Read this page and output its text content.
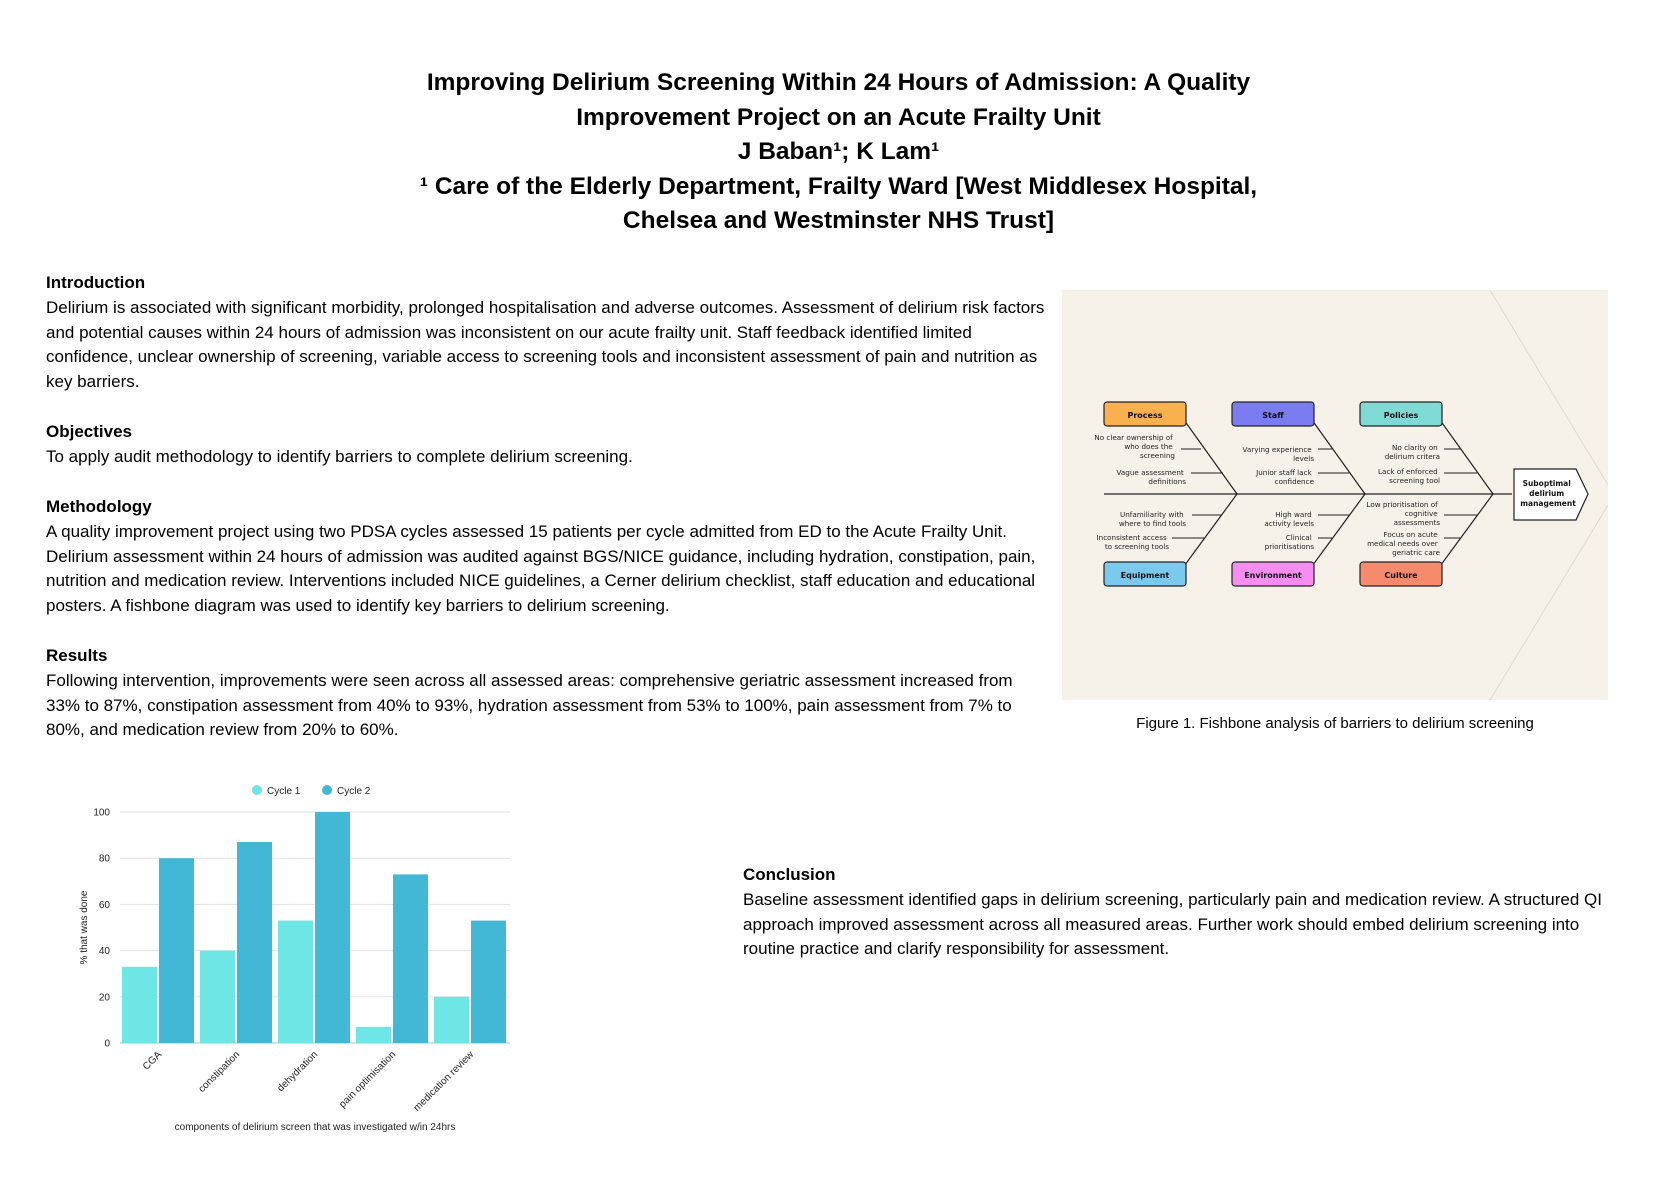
Improving Delirium Screening Within 24 Hours of Admission: A Quality
Improvement Project on an Acute Frailty Unit
J Baban¹; K Lam¹
¹ Care of the Elderly Department, Frailty Ward [West Middlesex Hospital,
Chelsea and Westminster NHS Trust]
Introduction

Delirium is associated with significant morbidity, prolonged hospitalisation and adverse outcomes. Assessment of delirium risk factors and potential causes within 24 hours of admission was inconsistent on our acute frailty unit. Staff feedback identified limited confidence, unclear ownership of screening, variable access to screening tools and inconsistent assessment of pain and nutrition as key barriers.

Objectives

To apply audit methodology to identify barriers to complete delirium screening.

Methodology

A quality improvement project using two PDSA cycles assessed 15 patients per cycle admitted from ED to the Acute Frailty Unit. Delirium assessment within 24 hours of admission was audited against BGS/NICE guidance, including hydration, constipation, pain, nutrition and medication review. Interventions included NICE guidelines, a Cerner delirium checklist, staff education and educational posters. A fishbone diagram was used to identify key barriers to delirium screening.

Results

Following intervention, improvements were seen across all assessed areas: comprehensive geriatric assessment increased from 33% to 87%, constipation assessment from 40% to 93%, hydration assessment from 53% to 100%, pain assessment from 7% to 80%, and medication review from 20% to 60%.

Conclusion

Baseline assessment identified gaps in delirium screening, particularly pain and medication review. A structured QI approach improved assessment across all measured areas. Further work should embed delirium screening into routine practice and clarify responsibility for assessment.

Process	Staff	Policies
Equipment	Environment	Culture
No clear ownership of who does the screening
Vague assessment definitions
Varying experience levels
Junior staff lack confidence
No clarity on delirium critera
Lack of enforced screening tool
Unfamiliarity with where to find tools
Inconsistent access to screening tools
High ward activity levels
Clinical prioritisations
Low prioritisation of cognitive assessments
Focus on acute medical needs over geriatric care
Suboptimal delirium management
Figure 1. Fishbone analysis of barriers to delirium screening
0
20
40
60
80
100
% that was done
CGA	constipation	dehydration pain optimisation medication review
Cycle 1	Cycle 2
components of delirium screen that was investigated w/in 24hrs
